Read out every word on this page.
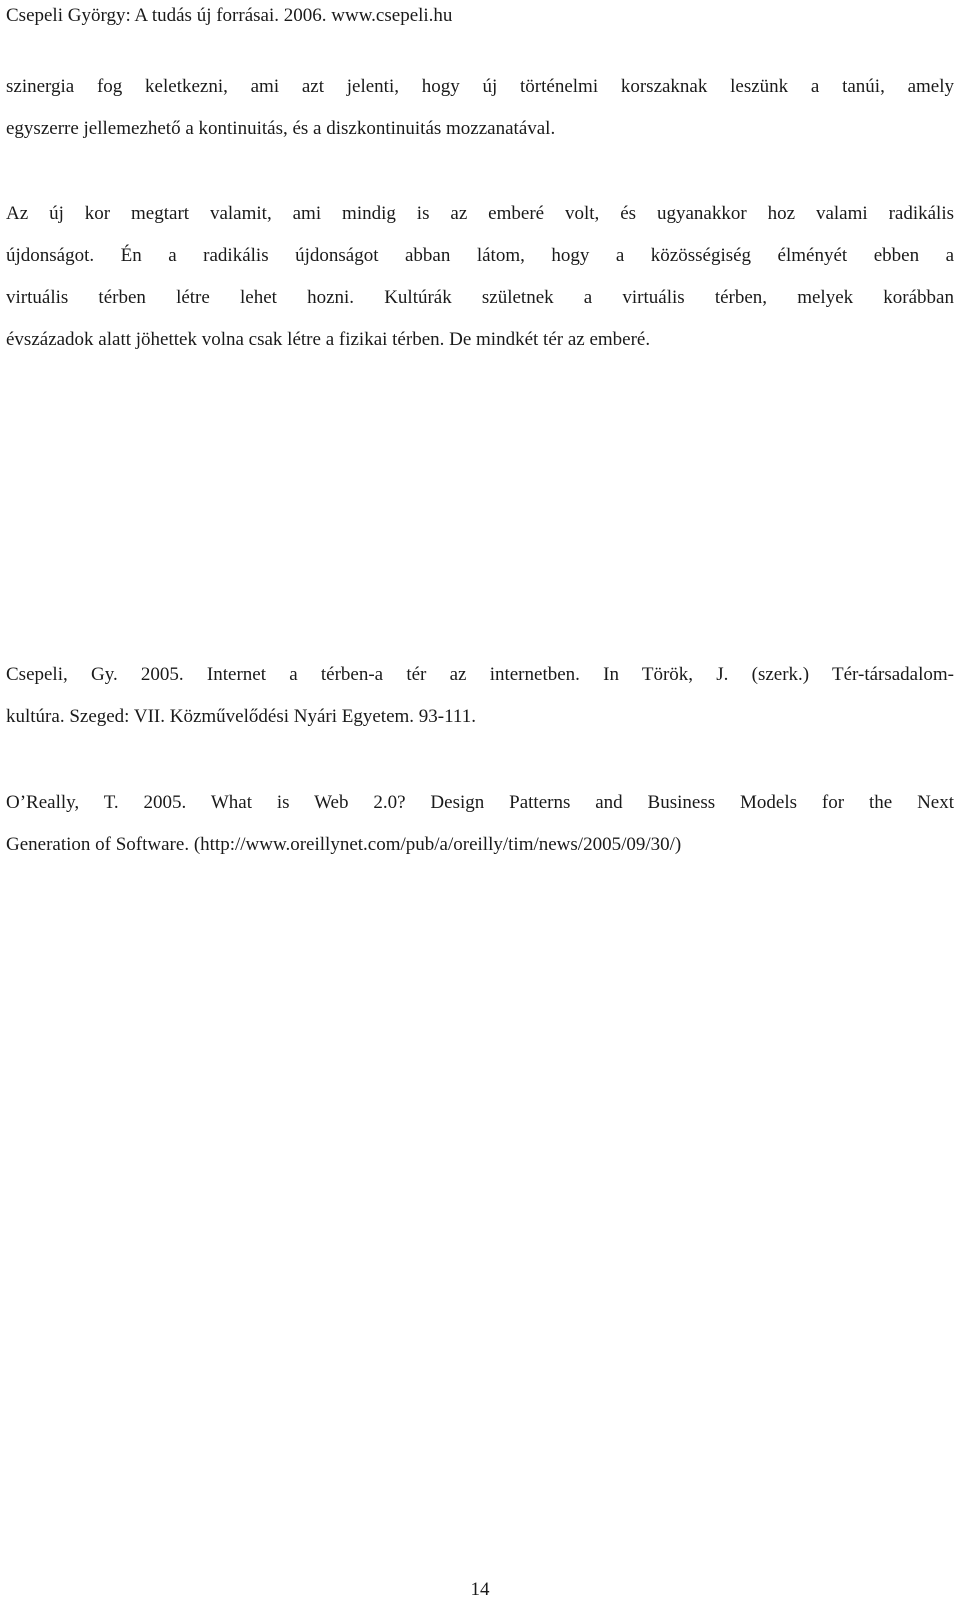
Csepeli György: A tudás új forrásai. 2006. www.csepeli.hu

szinergia fog keletkezni, ami azt jelenti, hogy új történelmi korszaknak leszünk a tanúi, amely
egyszerre jellemezhető a kontinuitás, és a diszkontinuitás mozzanatával.

Az új kor megtart valamit, ami mindig is az emberé volt, és ugyanakkor hoz valami radikális
újdonságot. Én a radikális újdonságot abban látom, hogy a közösségiség élményét ebben a
virtuális térben létre lehet hozni. Kultúrák születnek a virtuális térben, melyek korábban
évszázadok alatt jöhettek volna csak létre a fizikai térben. De mindkét tér az emberé.

Csepeli, Gy. 2005. Internet a térben-a tér az internetben. In Török, J. (szerk.) Tér-társadalom-
kultúra. Szeged: VII. Közművelődési Nyári Egyetem. 93-111.

O’Really, T. 2005. What is Web 2.0? Design Patterns and Business Models for the Next
Generation of Software. (http://www.oreillynet.com/pub/a/oreilly/tim/news/2005/09/30/)

14
